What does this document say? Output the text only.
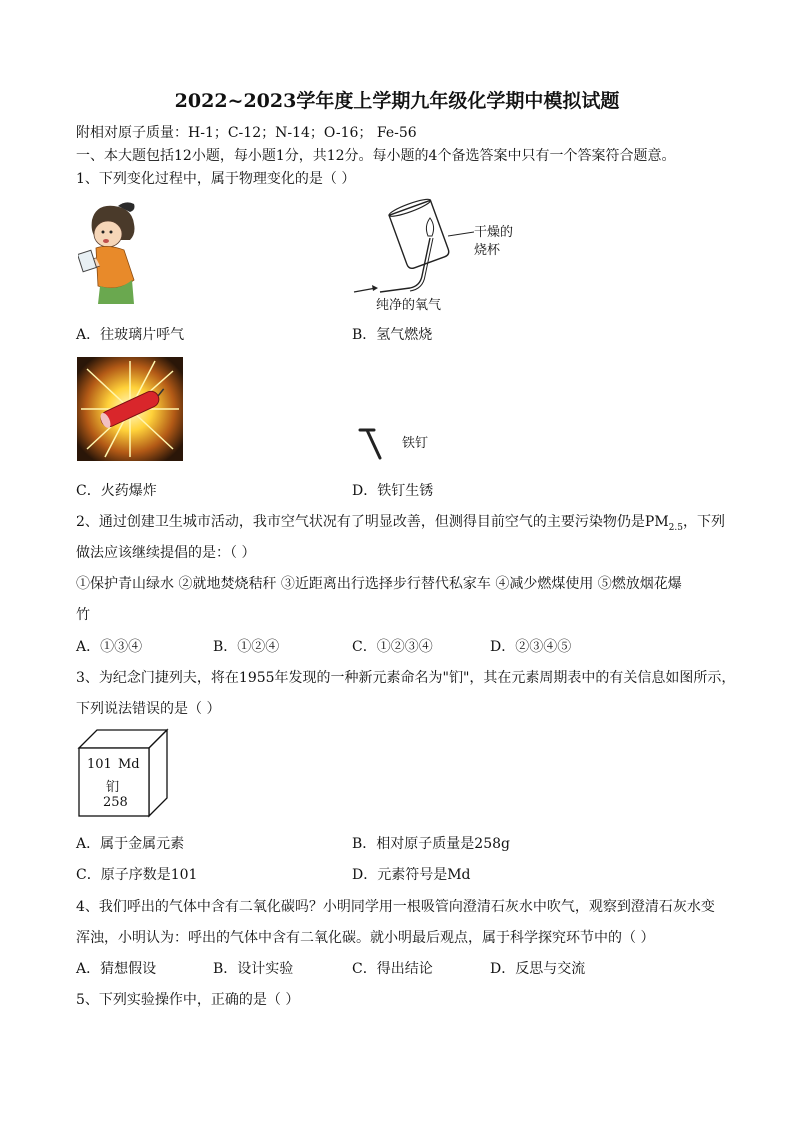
2022~2023学年度上学期九年级化学期中模拟试题
附相对原子质量：H-1；C-12；N-14；O-16； Fe-56
一、本大题包括12小题，每小题1分，共12分。每小题的4个备选答案中只有一个答案符合题意。
1、下列变化过程中，属于物理变化的是（ ）
干燥的
烧杯
纯净的氧气
A．往玻璃片呼气	B．氢气燃烧
铁钉
C．火药爆炸	D．铁钉生锈
2、通过创建卫生城市活动，我市空气状况有了明显改善，但测得目前空气的主要污染物仍是$PM_{2.5}$，下列
做法应该继续提倡的是：（ ）
①保护青山绿水 ②就地焚烧秸秆 ③近距离出行选择步行替代私家车 ④减少燃煤使用 ⑤燃放烟花爆
竹
A．①③④	B．①②④	C．①②③④	D．②③④⑤
3、为纪念门捷列夫，将在1955年发现的一种新元素命名为"钔"，其在元素周期表中的有关信息如图所示，
下列说法错误的是（ ）
101 Md
钔
258
A．属于金属元素	B．相对原子质量是258g
C．原子序数是101	D．元素符号是Md
4、我们呼出的气体中含有二氧化碳吗？小明同学用一根吸管向澄清石灰水中吹气，观察到澄清石灰水变
浑浊，小明认为：呼出的气体中含有二氧化碳。就小明最后观点，属于科学探究环节中的（ ）
A．猜想假设	B．设计实验	C．得出结论	D．反思与交流
5、下列实验操作中，正确的是（ ）
